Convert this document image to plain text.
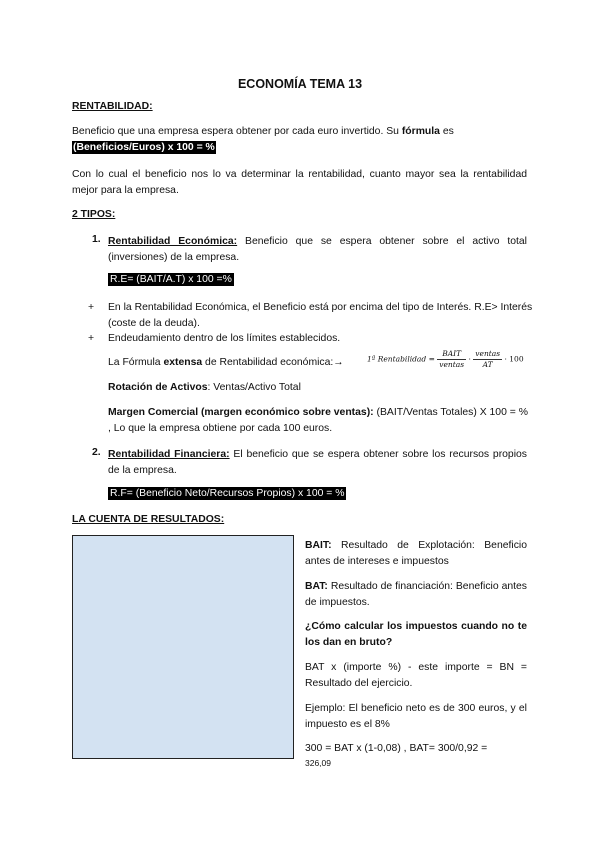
ECONOMÍA TEMA 13
RENTABILIDAD:
Beneficio que una empresa espera obtener por cada euro invertido. Su fórmula es
(Beneficios/Euros) x 100 = %
Con lo cual el beneficio nos lo va determinar la rentabilidad, cuanto mayor sea la rentabilidad mejor para la empresa.
2 TIPOS:
1. Rentabilidad Económica: Beneficio que se espera obtener sobre el activo total (inversiones) de la empresa.
R.E= (BAIT/A.T) x 100 =%
+ En la Rentabilidad Económica, el Beneficio está por encima del tipo de Interés. R.E> Interés (coste de la deuda).
+ Endeudamiento dentro de los límites establecidos.
La Fórmula extensa de Rentabilidad económica:→	1ª Rentabilidad = $\frac{\text{BAIT}}{\text{ventas}} \cdot \frac{\text{ventas}}{AT} \cdot 100$
Rotación de Activos: Ventas/Activo Total
Margen Comercial (margen económico sobre ventas): (BAIT/Ventas Totales) X 100 = % , Lo que la empresa obtiene por cada 100 euros.
2. Rentabilidad Financiera: El beneficio que se espera obtener sobre los recursos propios de la empresa.
R.F= (Beneficio Neto/Recursos Propios) x 100 = %
LA CUENTA DE RESULTADOS:
BAIT: Resultado de Explotación: Beneficio antes de intereses e impuestos
BAT: Resultado de financiación: Beneficio antes de impuestos.
¿Cómo calcular los impuestos cuando no te los dan en bruto?
BAT x (importe %) - este importe = BN = Resultado del ejercicio.
Ejemplo: El beneficio neto es de 300 euros, y el impuesto es el 8%
300 = BAT x (1-0,08) , BAT= 300/0,92 =
326,09
